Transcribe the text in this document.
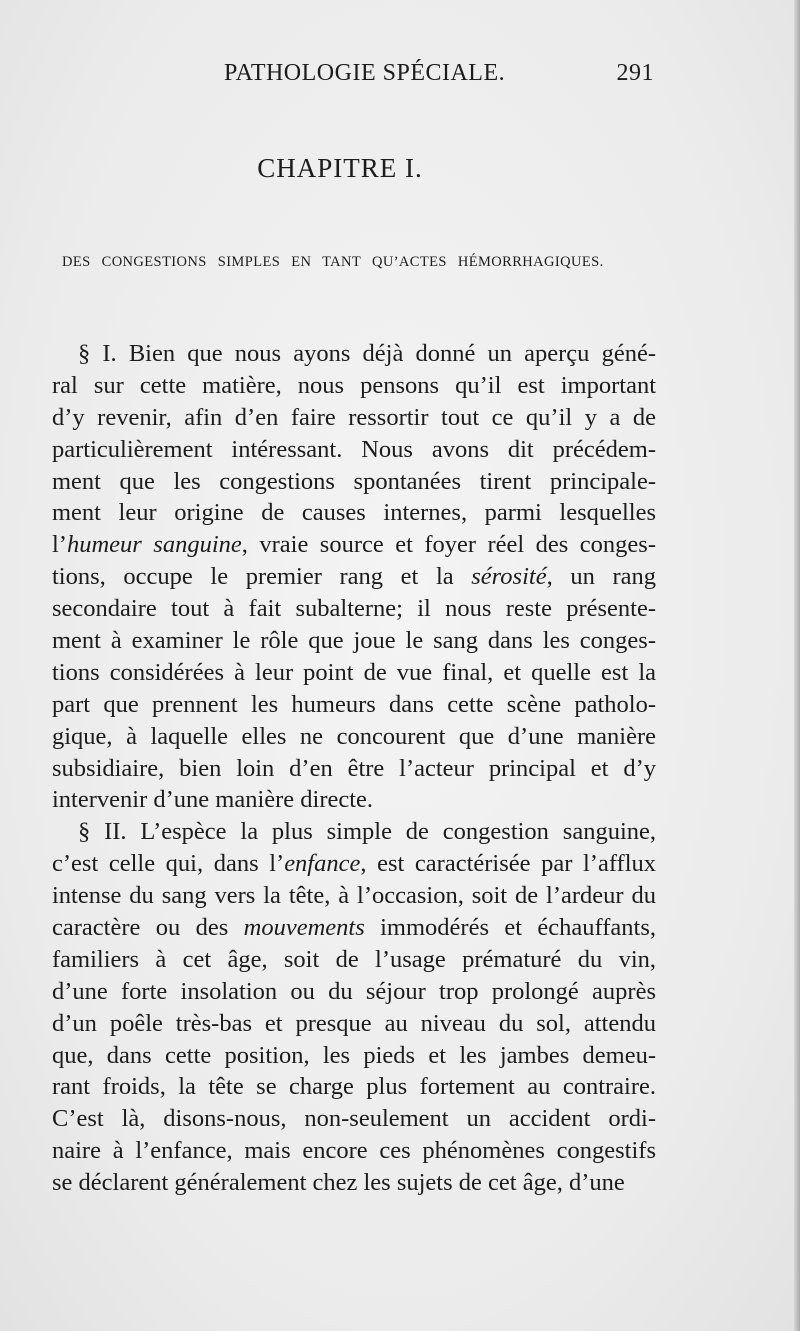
PATHOLOGIE SPÉCIALE.	291
CHAPITRE I.
DES CONGESTIONS SIMPLES EN TANT QU’ACTES HÉMORRHAGIQUES.
§ I. Bien que nous ayons déjà donné un aperçu géné-
ral sur cette matière, nous pensons qu’il est important
d’y revenir, afin d’en faire ressortir tout ce qu’il y a de
particulièrement intéressant. Nous avons dit précédem-
ment que les congestions spontanées tirent principale-
ment leur origine de causes internes, parmi lesquelles
l’humeur sanguine, vraie source et foyer réel des conges-
tions, occupe le premier rang et la sérosité, un rang
secondaire tout à fait subalterne; il nous reste présente-
ment à examiner le rôle que joue le sang dans les conges-
tions considérées à leur point de vue final, et quelle est la
part que prennent les humeurs dans cette scène patholo-
gique, à laquelle elles ne concourent que d’une manière
subsidiaire, bien loin d’en être l’acteur principal et d’y
intervenir d’une manière directe.
§ II. L’espèce la plus simple de congestion sanguine,
c’est celle qui, dans l’enfance, est caractérisée par l’afflux
intense du sang vers la tête, à l’occasion, soit de l’ardeur du
caractère ou des mouvements immodérés et échauffants,
familiers à cet âge, soit de l’usage prématuré du vin,
d’une forte insolation ou du séjour trop prolongé auprès
d’un poêle très-bas et presque au niveau du sol, attendu
que, dans cette position, les pieds et les jambes demeu-
rant froids, la tête se charge plus fortement au contraire.
C’est là, disons-nous, non-seulement un accident ordi-
naire à l’enfance, mais encore ces phénomènes congestifs
se déclarent généralement chez les sujets de cet âge, d’une
